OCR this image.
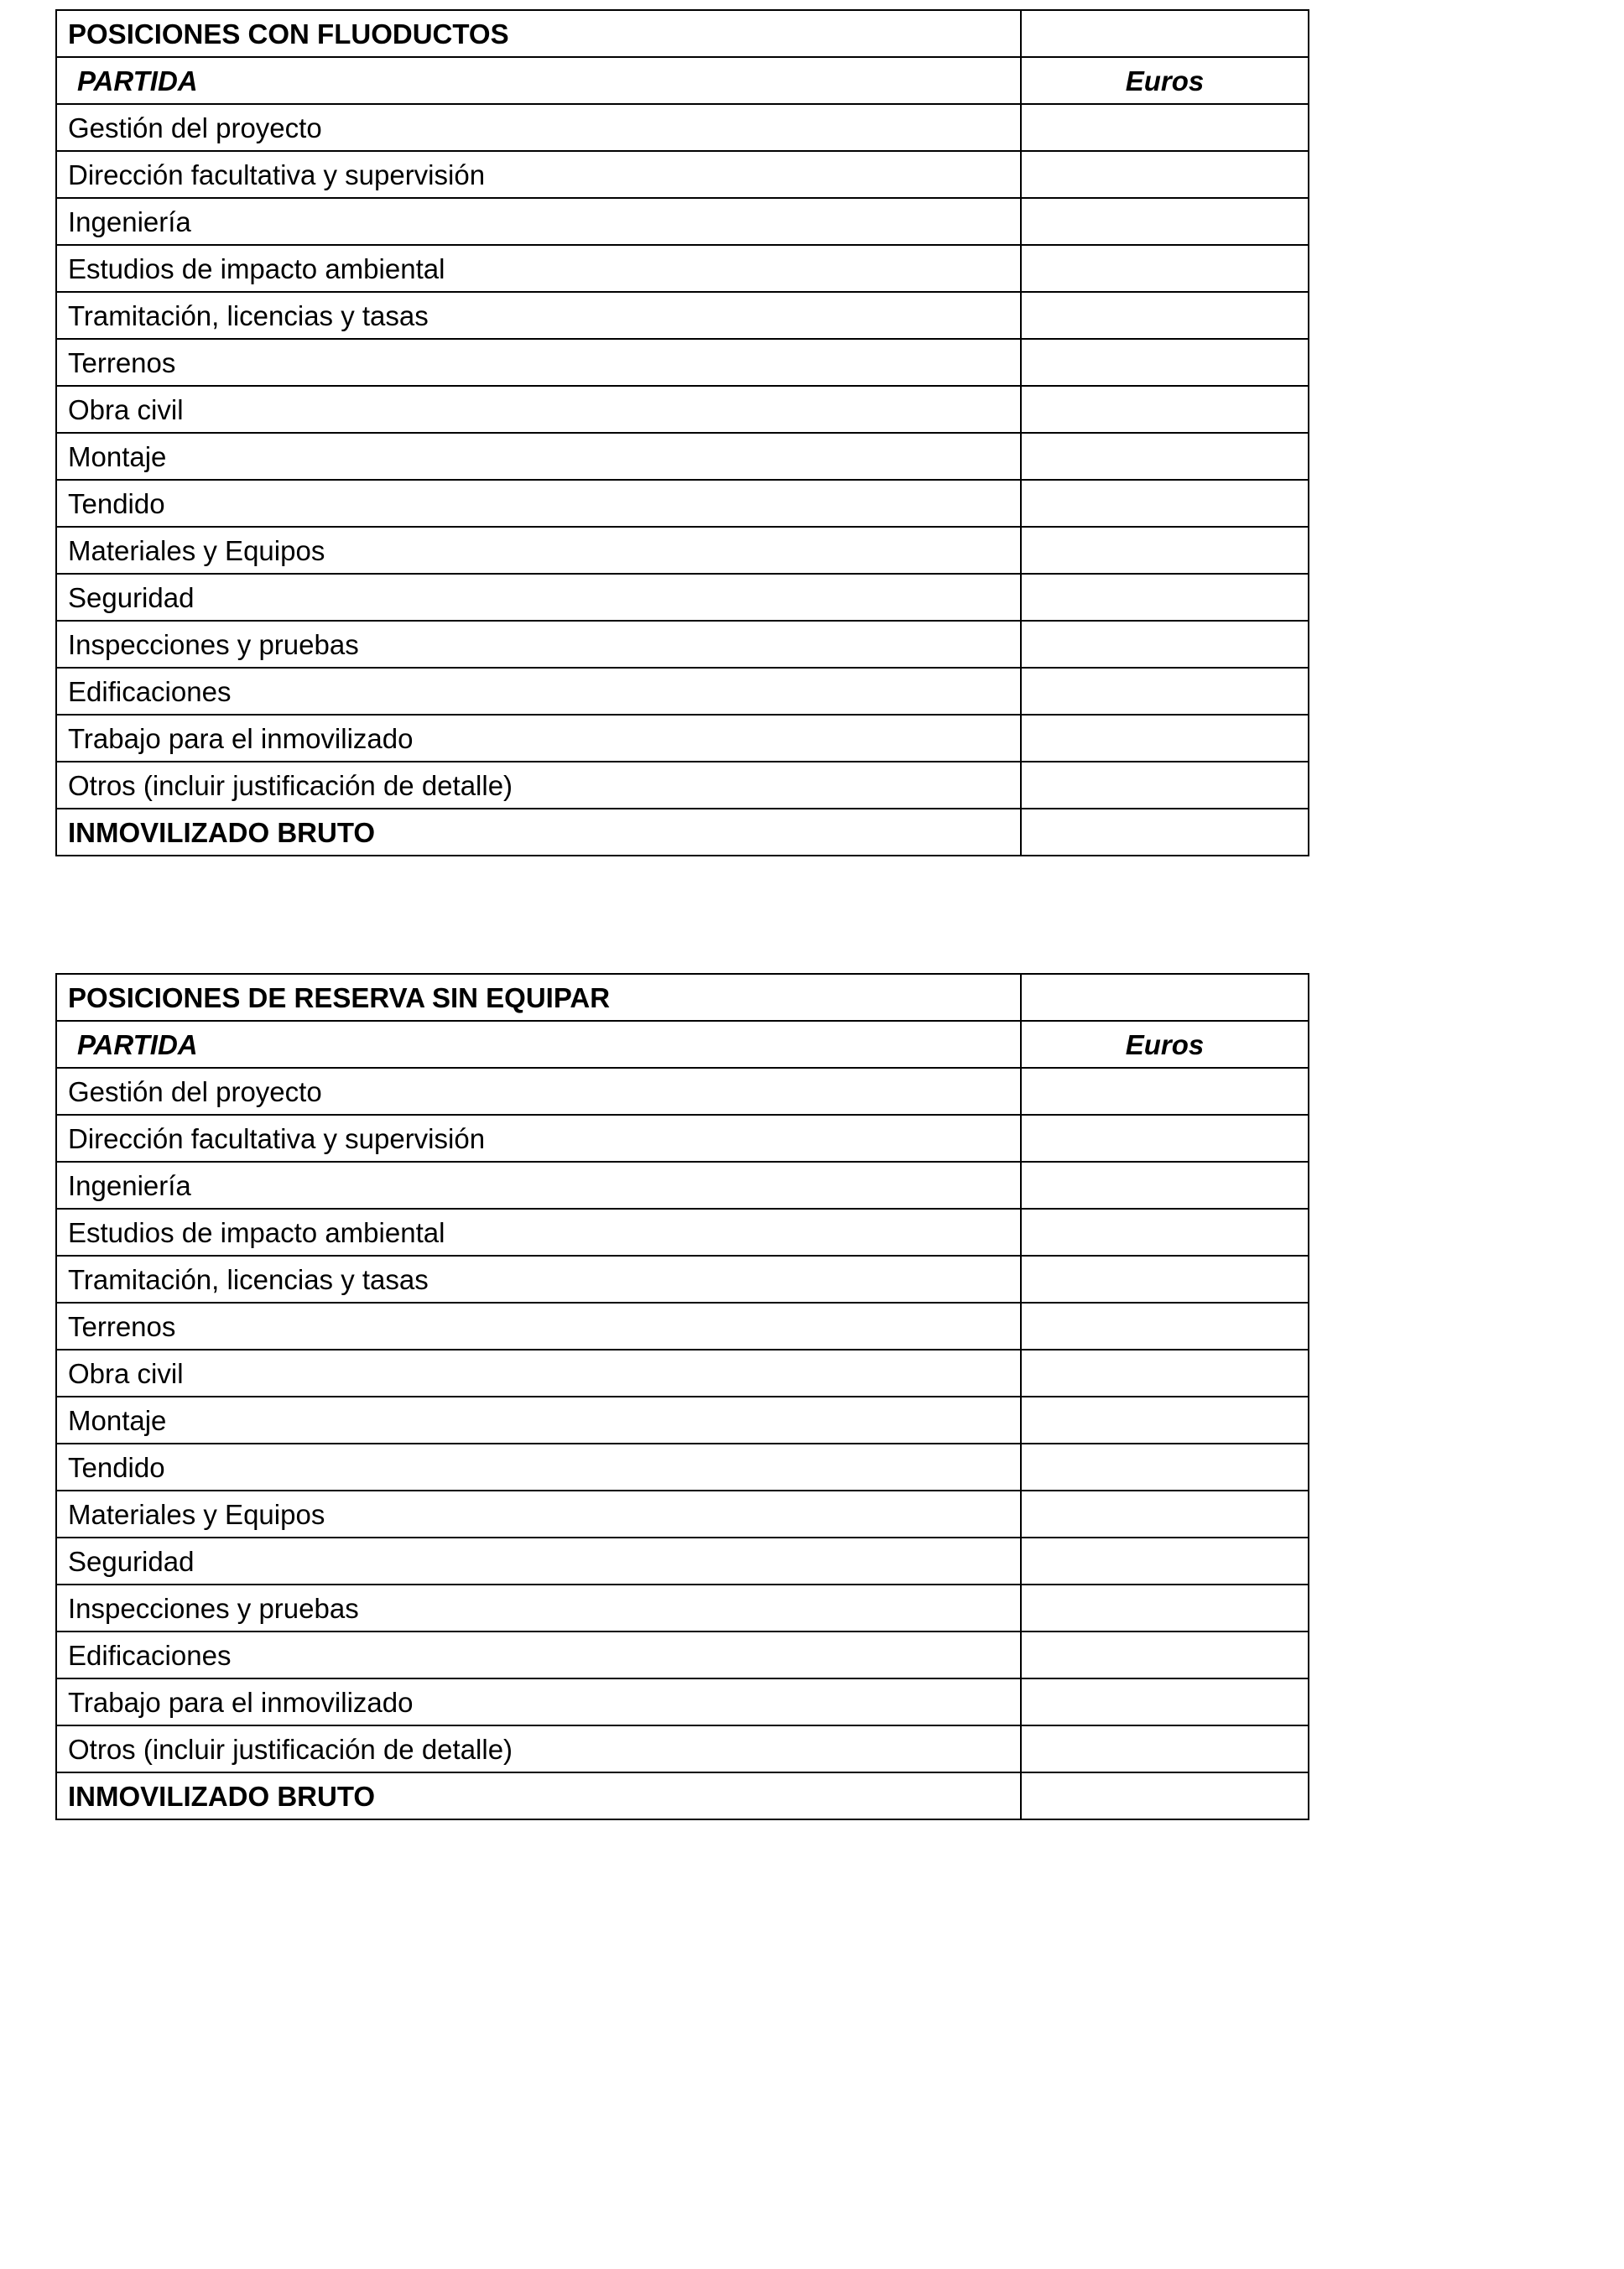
POSICIONES CON FLUODUCTOS	
PARTIDA	Euros
Gestión del proyecto	
Dirección facultativa y supervisión	
Ingeniería	
Estudios de impacto ambiental	
Tramitación, licencias y tasas	
Terrenos	
Obra civil	
Montaje	
Tendido	
Materiales y Equipos	
Seguridad	
Inspecciones y pruebas	
Edificaciones	
Trabajo para el inmovilizado	
Otros (incluir justificación de detalle)	
INMOVILIZADO BRUTO	
POSICIONES DE RESERVA SIN EQUIPAR	
PARTIDA	Euros
Gestión del proyecto	
Dirección facultativa y supervisión	
Ingeniería	
Estudios de impacto ambiental	
Tramitación, licencias y tasas	
Terrenos	
Obra civil	
Montaje	
Tendido	
Materiales y Equipos	
Seguridad	
Inspecciones y pruebas	
Edificaciones	
Trabajo para el inmovilizado	
Otros (incluir justificación de detalle)	
INMOVILIZADO BRUTO	
